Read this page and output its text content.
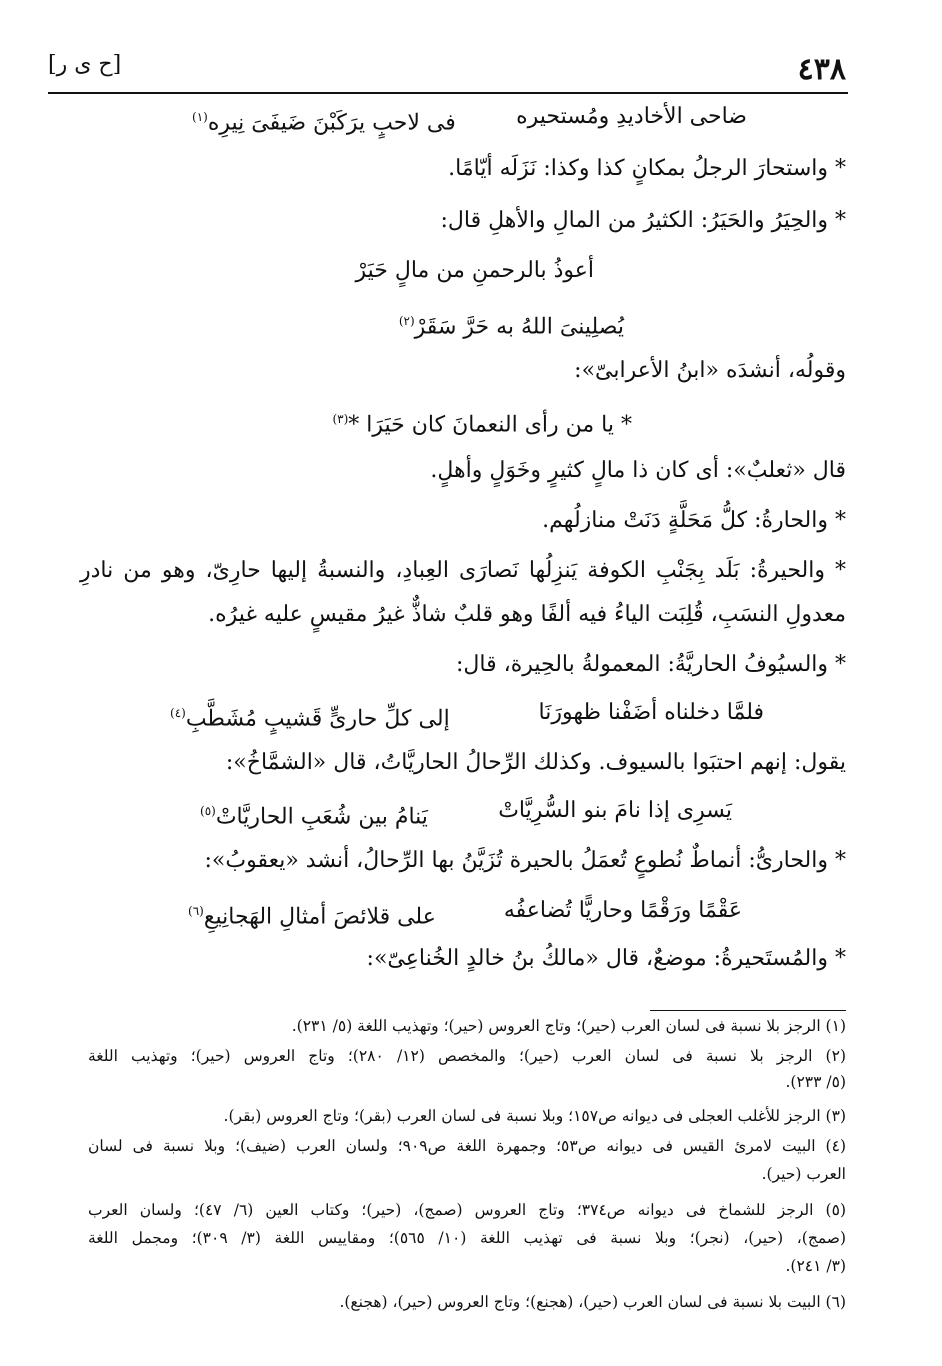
٤٣٨
[ح ى ر]
ضاحى الأخاديدِ ومُستحيره
فى لاحبٍ يرَكَبْنَ ضَيفَىَ نِيرِه$^{(١)}$
* واستحارَ الرجلُ بمكانٍ كذا وكذا: نَزَلَه أيّامًا.
* والحِيَرُ والحَيَرُ: الكثيرُ من المالِ والأهلِ قال:
أعوذُ بالرحمنِ من مالٍ حَيَرْ
يُصلِينىَ اللهُ به حَرَّ سَقَرْ$^{(٢)}$
وقولُه، أنشدَه «ابنُ الأعرابىّ»:
* يا من رأى النعمانَ كان حَيَرَا *$^{(٣)}$
قال «ثعلبٌ»: أى كان ذا مالٍ كثيرٍ وخَوَلٍ وأهلٍ.
* والحارةُ: كلُّ مَحَلَّةٍ دَنَتْ منازلُهم.
* والحيرةُ: بَلَد بِجَنْبِ الكوفة يَنزِلُها نَصارَى العِبادِ، والنسبةُ إليها حارِىّ، وهو من نادرِ
معدولِ النسَبِ، قُلِبَت الياءُ فيه ألفًا وهو قلبٌ شاذٌّ غيرُ مقيسٍ عليه غيرُه.
* والسيُوفُ الحاريَّةُ: المعمولةُ بالحِيرة، قال:
فلمَّا دخلناه أضَفْنا ظهورَنَا
إلى كلِّ حارىٍّ قَشيبٍ مُشَطَّبِ$^{(٤)}$
يقول: إنهم احتبَوا بالسيوف. وكذلك الرِّحالُ الحاريَّاتُ، قال «الشمَّاخُ»:
يَسرِى إذا نامَ بنو السُّرِيَّاتْ
يَنامُ بين شُعَبِ الحاريَّاتْ$^{(٥)}$
* والحارىُّ: أنماطٌ نُطوعٍ تُعمَلُ بالحيرة تُزَيَّنُ بها الرِّحالُ، أنشد «يعقوبُ»:
عَقْمًا ورَقْمًا وحاريًّا تُضاعفُه
على قلائصَ أمثالِ الهَجانِيعِ$^{(٦)}$
* والمُستَحيرةُ: موضعٌ، قال «مالكُ بنُ خالدٍ الخُناعِىّ»:
(١) الرجز بلا نسبة فى لسان العرب (حير)؛ وتاج العروس (حير)؛ وتهذيب اللغة (٥/ ٢٣١).
(٢) الرجز بلا نسبة فى لسان العرب (حير)؛ والمخصص (١٢/ ٢٨٠)؛ وتاج العروس (حير)؛ وتهذيب اللغة
(٥/ ٢٣٣).
(٣) الرجز للأغلب العجلى فى ديوانه ص١٥٧؛ وبلا نسبة فى لسان العرب (بقر)؛ وتاج العروس (بقر).
(٤) البيت لامرئ القيس فى ديوانه ص٥٣؛ وجمهرة اللغة ص٩٠٩؛ ولسان العرب (ضيف)؛ وبلا نسبة فى لسان
العرب (حير).
(٥) الرجز للشماخ فى ديوانه ص٣٧٤؛ وتاج العروس (صمج)، (حير)؛ وكتاب العين (٦/ ٤٧)؛ ولسان العرب
(صمج)، (حير)، (نجر)؛ وبلا نسبة فى تهذيب اللغة (١٠/ ٥٦٥)؛ ومقاييس اللغة (٣/ ٣٠٩)؛ ومجمل اللغة
(٣/ ٢٤١).
(٦) البيت بلا نسبة فى لسان العرب (حير)، (هجنع)؛ وتاج العروس (حير)، (هجنع).
